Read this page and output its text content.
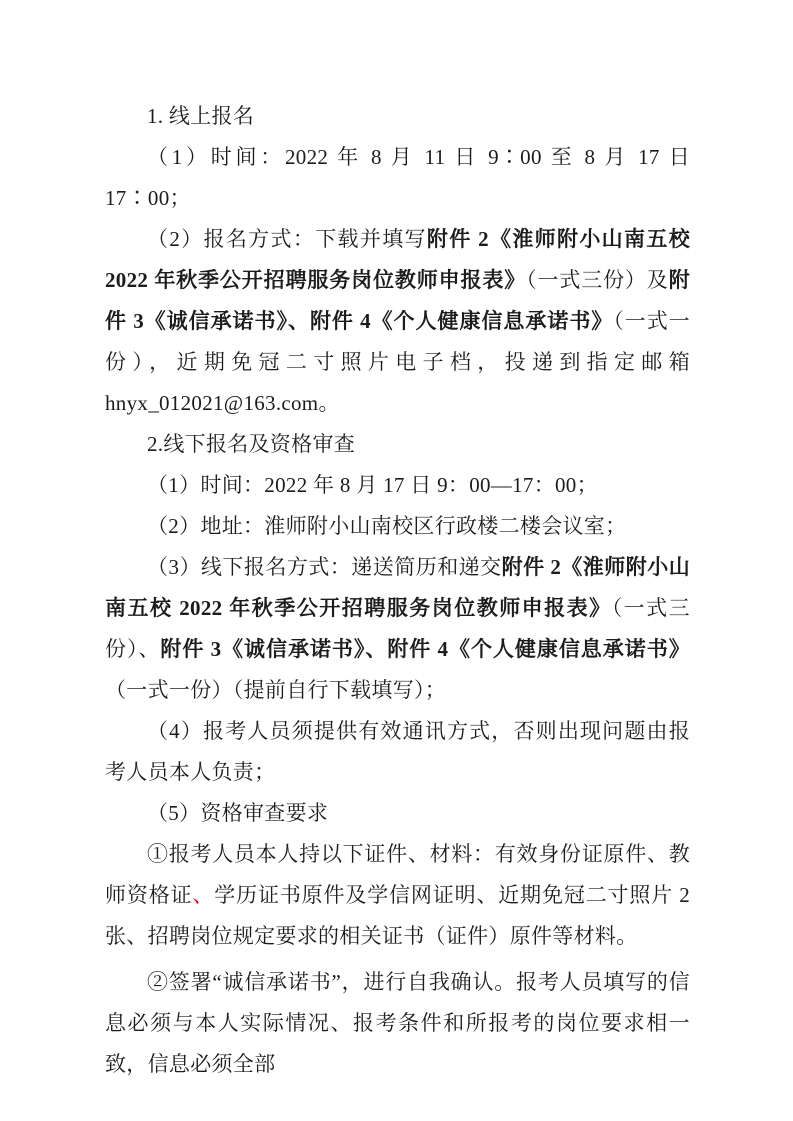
1. 线上报名

（1）时间：2022 年 8 月 11 日 9∶00 至 8 月 17 日 17∶00；

（2）报名方式：下载并填写附件 2《淮师附小山南五校 2022 年秋季公开招聘服务岗位教师申报表》（一式三份）及附件 3《诚信承诺书》、附件 4《个人健康信息承诺书》（一式一份），近期免冠二寸照片电子档，投递到指定邮箱 hnyx_012021@163.com。

2.线下报名及资格审查

（1）时间：2022 年 8 月 17 日 9：00—17：00；

（2）地址：淮师附小山南校区行政楼二楼会议室；

（3）线下报名方式：递送简历和递交附件 2《淮师附小山南五校 2022 年秋季公开招聘服务岗位教师申报表》（一式三份）、附件 3《诚信承诺书》、附件 4《个人健康信息承诺书》（一式一份）（提前自行下载填写）；

（4）报考人员须提供有效通讯方式，否则出现问题由报考人员本人负责；

（5）资格审查要求

①报考人员本人持以下证件、材料：有效身份证原件、教师资格证、学历证书原件及学信网证明、近期免冠二寸照片 2 张、招聘岗位规定要求的相关证书（证件）原件等材料。

②签署“诚信承诺书”，进行自我确认。报考人员填写的信息必须与本人实际情况、报考条件和所报考的岗位要求相一致，信息必须全部
